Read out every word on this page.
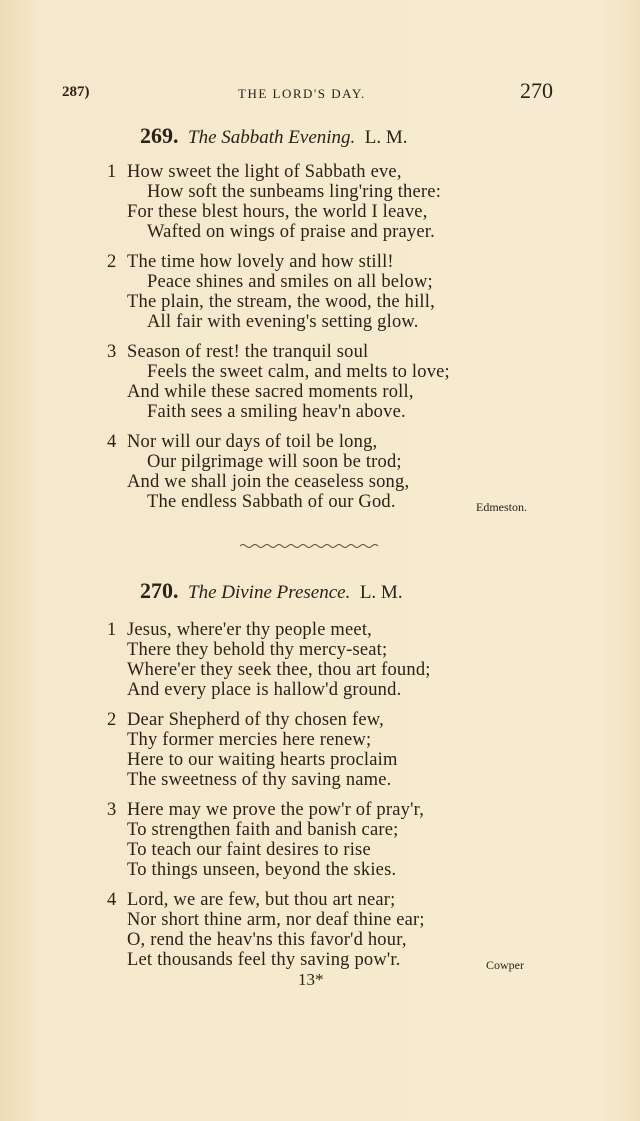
287)	THE LORD'S DAY.	270
269. The Sabbath Evening. L. M.
1 How sweet the light of Sabbath eve,
How soft the sunbeams ling'ring there:
For these blest hours, the world I leave,
Wafted on wings of praise and prayer.
2 The time how lovely and how still!
Peace shines and smiles on all below;
The plain, the stream, the wood, the hill,
All fair with evening's setting glow.
3 Season of rest! the tranquil soul
Feels the sweet calm, and melts to love;
And while these sacred moments roll,
Faith sees a smiling heav'n above.
4 Nor will our days of toil be long,
Our pilgrimage will soon be trod;
And we shall join the ceaseless song,
The endless Sabbath of our God.	Edmeston.
270. The Divine Presence. L. M.
1 Jesus, where'er thy people meet,
There they behold thy mercy-seat;
Where'er they seek thee, thou art found;
And every place is hallow'd ground.
2 Dear Shepherd of thy chosen few,
Thy former mercies here renew;
Here to our waiting hearts proclaim
The sweetness of thy saving name.
3 Here may we prove the pow'r of pray'r,
To strengthen faith and banish care;
To teach our faint desires to rise
To things unseen, beyond the skies.
4 Lord, we are few, but thou art near;
Nor short thine arm, nor deaf thine ear;
O, rend the heav'ns this favor'd hour,
Let thousands feel thy saving pow'r.	Cowper
13*
